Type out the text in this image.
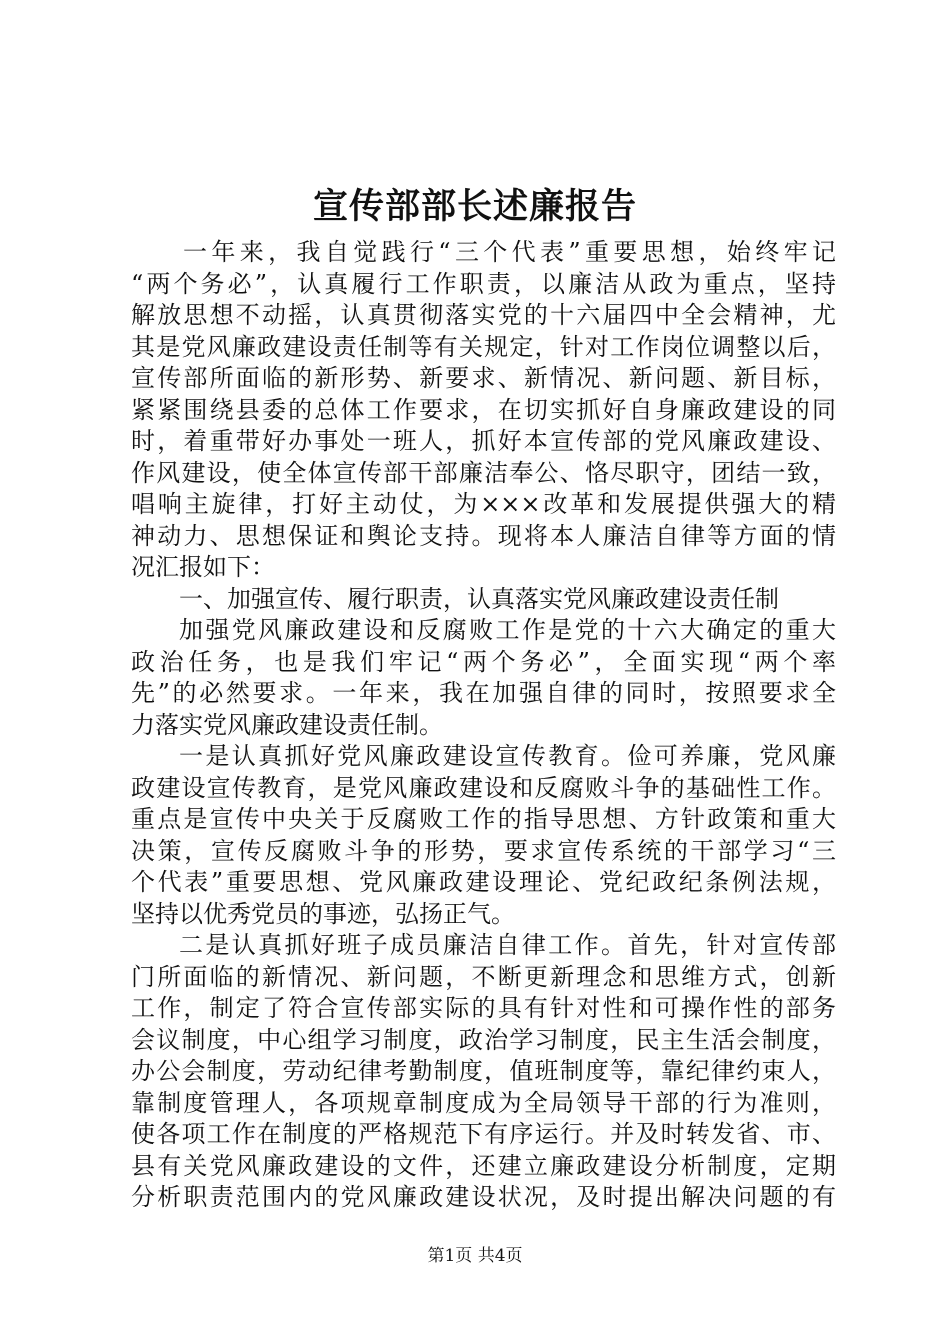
宣传部部长述廉报告
一年来，我自觉践行“三个代表”重要思想，始终牢记
“两个务必”，认真履行工作职责，以廉洁从政为重点，坚持
解放思想不动摇，认真贯彻落实党的十六届四中全会精神，尤
其是党风廉政建设责任制等有关规定，针对工作岗位调整以后，
宣传部所面临的新形势、新要求、新情况、新问题、新目标，
紧紧围绕县委的总体工作要求，在切实抓好自身廉政建设的同
时，着重带好办事处一班人，抓好本宣传部的党风廉政建设、
作风建设，使全体宣传部干部廉洁奉公、恪尽职守，团结一致，
唱响主旋律，打好主动仗，为×××改革和发展提供强大的精
神动力、思想保证和舆论支持。现将本人廉洁自律等方面的情
况汇报如下：
一、加强宣传、履行职责，认真落实党风廉政建设责任制
加强党风廉政建设和反腐败工作是党的十六大确定的重大
政治任务，也是我们牢记“两个务必”，全面实现“两个率
先”的必然要求。一年来，我在加强自律的同时，按照要求全
力落实党风廉政建设责任制。
一是认真抓好党风廉政建设宣传教育。俭可养廉，党风廉
政建设宣传教育，是党风廉政建设和反腐败斗争的基础性工作。
重点是宣传中央关于反腐败工作的指导思想、方针政策和重大
决策，宣传反腐败斗争的形势，要求宣传系统的干部学习“三
个代表”重要思想、党风廉政建设理论、党纪政纪条例法规，
坚持以优秀党员的事迹，弘扬正气。
二是认真抓好班子成员廉洁自律工作。首先，针对宣传部
门所面临的新情况、新问题，不断更新理念和思维方式，创新
工作，制定了符合宣传部实际的具有针对性和可操作性的部务
会议制度，中心组学习制度，政治学习制度，民主生活会制度，
办公会制度，劳动纪律考勤制度，值班制度等，靠纪律约束人，
靠制度管理人，各项规章制度成为全局领导干部的行为准则，
使各项工作在制度的严格规范下有序运行。并及时转发省、市、
县有关党风廉政建设的文件，还建立廉政建设分析制度，定期
分析职责范围内的党风廉政建设状况，及时提出解决问题的有
第1页 共4页
